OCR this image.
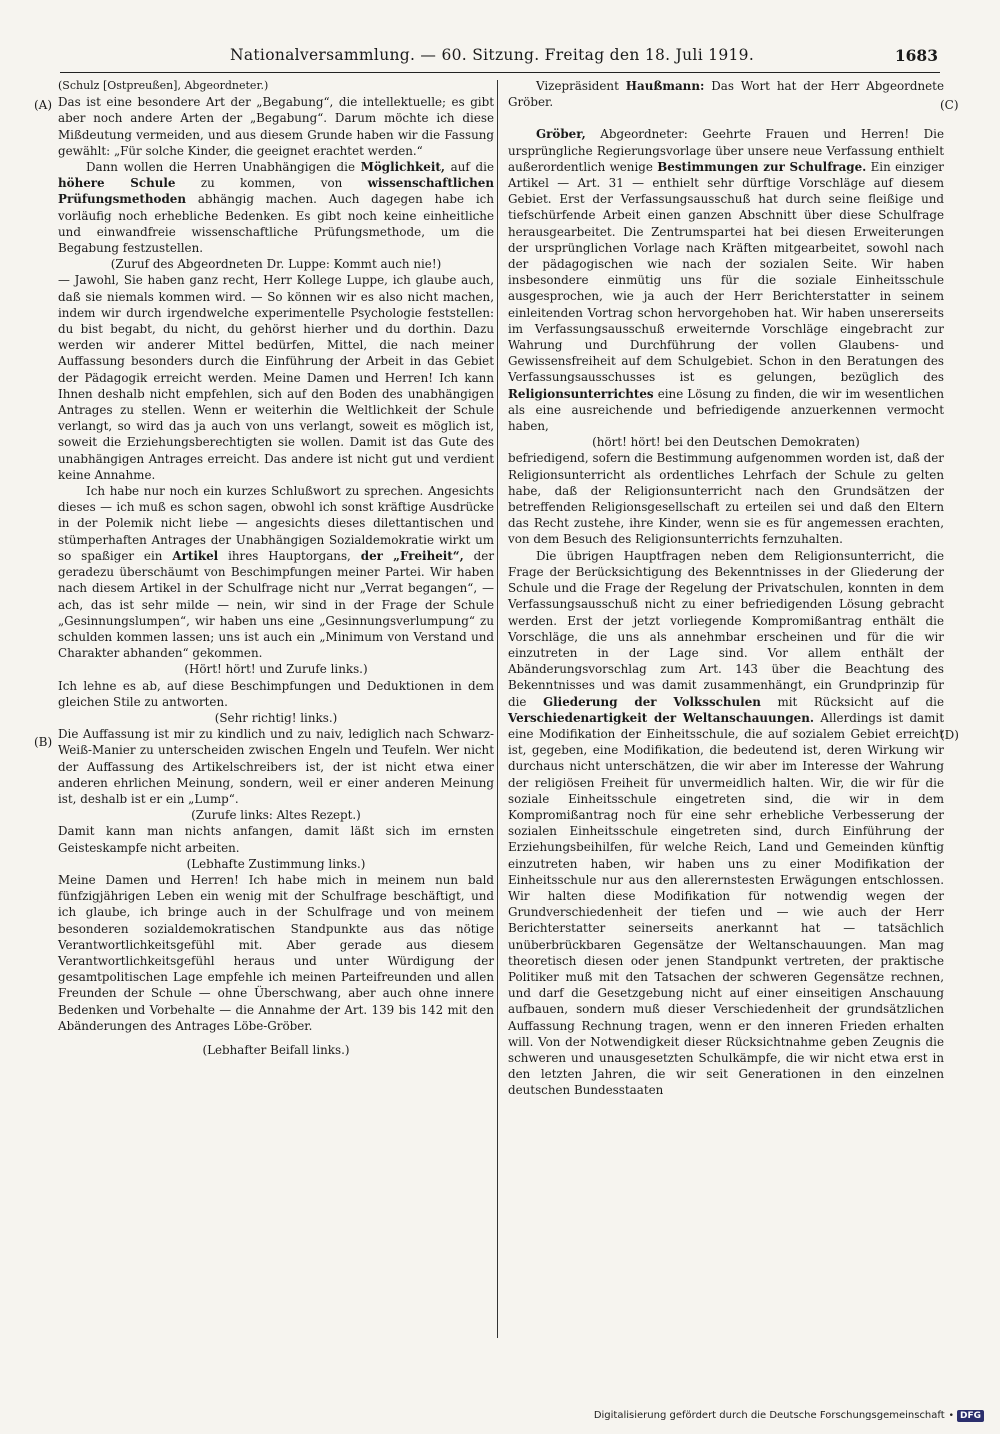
Nationalversammlung. — 60. Sitzung. Freitag den 18. Juli 1919.	1683
(A)
(B)
(C)
(D)

(Schulz [Ostpreußen], Abgeordneter.)

Das ist eine besondere Art der „Begabung“, die intellektuelle; es gibt aber noch andere Arten der „Begabung“. Darum möchte ich diese Mißdeutung vermeiden, und aus diesem Grunde haben wir die Fassung gewählt: „Für solche Kinder, die geeignet erachtet werden.“

Dann wollen die Herren Unabhängigen die Möglichkeit, auf die höhere Schule zu kommen, von wissenschaftlichen Prüfungsmethoden abhängig machen. Auch dagegen habe ich vorläufig noch erhebliche Bedenken. Es gibt noch keine einheitliche und einwandfreie wissenschaftliche Prüfungsmethode, um die Begabung festzustellen.

(Zuruf des Abgeordneten Dr. Luppe: Kommt auch nie!)

— Jawohl, Sie haben ganz recht, Herr Kollege Luppe, ich glaube auch, daß sie niemals kommen wird. — So können wir es also nicht machen, indem wir durch irgendwelche experimentelle Psychologie feststellen: du bist begabt, du nicht, du gehörst hierher und du dorthin. Dazu werden wir anderer Mittel bedürfen, Mittel, die nach meiner Auffassung besonders durch die Einführung der Arbeit in das Gebiet der Pädagogik erreicht werden. Meine Damen und Herren! Ich kann Ihnen deshalb nicht empfehlen, sich auf den Boden des unabhängigen Antrages zu stellen. Wenn er weiterhin die Weltlichkeit der Schule verlangt, so wird das ja auch von uns verlangt, soweit es möglich ist, soweit die Erziehungsberechtigten sie wollen. Damit ist das Gute des unabhängigen Antrages erreicht. Das andere ist nicht gut und verdient keine Annahme.

Ich habe nur noch ein kurzes Schlußwort zu sprechen. Angesichts dieses — ich muß es schon sagen, obwohl ich sonst kräftige Ausdrücke in der Polemik nicht liebe — angesichts dieses dilettantischen und stümperhaften Antrages der Unabhängigen Sozialdemokratie wirkt um so spaßiger ein Artikel ihres Hauptorgans, der „Freiheit“, der geradezu überschäumt von Beschimpfungen meiner Partei. Wir haben nach diesem Artikel in der Schulfrage nicht nur „Verrat begangen“, — ach, das ist sehr milde — nein, wir sind in der Frage der Schule „Gesinnungslumpen“, wir haben uns eine „Gesinnungsverlumpung“ zu schulden kommen lassen; uns ist auch ein „Minimum von Verstand und Charakter abhanden“ gekommen.

(Hört! hört! und Zurufe links.)

Ich lehne es ab, auf diese Beschimpfungen und Deduktionen in dem gleichen Stile zu antworten.

(Sehr richtig! links.)

Die Auffassung ist mir zu kindlich und zu naiv, lediglich nach Schwarz-Weiß-Manier zu unterscheiden zwischen Engeln und Teufeln. Wer nicht der Auffassung des Artikelschreibers ist, der ist nicht etwa einer anderen ehrlichen Meinung, sondern, weil er einer anderen Meinung ist, deshalb ist er ein „Lump“.

(Zurufe links: Altes Rezept.)

Damit kann man nichts anfangen, damit läßt sich im ernsten Geisteskampfe nicht arbeiten.

(Lebhafte Zustimmung links.)

Meine Damen und Herren! Ich habe mich in meinem nun bald fünfzigjährigen Leben ein wenig mit der Schulfrage beschäftigt, und ich glaube, ich bringe auch in der Schulfrage und von meinem besonderen sozialdemokratischen Standpunkte aus das nötige Verantwortlichkeitsgefühl mit. Aber gerade aus diesem Verantwortlichkeitsgefühl heraus und unter Würdigung der gesamtpolitischen Lage empfehle ich meinen Parteifreunden und allen Freunden der Schule — ohne Überschwang, aber auch ohne innere Bedenken und Vorbehalte — die Annahme der Art. 139 bis 142 mit den Abänderungen des Antrages Löbe-Gröber.

(Lebhafter Beifall links.)

Vizepräsident Haußmann: Das Wort hat der Herr Abgeordnete Gröber.

Gröber, Abgeordneter: Geehrte Frauen und Herren! Die ursprüngliche Regierungsvorlage über unsere neue Verfassung enthielt außerordentlich wenige Bestimmungen zur Schulfrage. Ein einziger Artikel — Art. 31 — enthielt sehr dürftige Vorschläge auf diesem Gebiet. Erst der Verfassungsausschuß hat durch seine fleißige und tiefschürfende Arbeit einen ganzen Abschnitt über diese Schulfrage herausgearbeitet. Die Zentrumspartei hat bei diesen Erweiterungen der ursprünglichen Vorlage nach Kräften mitgearbeitet, sowohl nach der pädagogischen wie nach der sozialen Seite. Wir haben insbesondere einmütig uns für die soziale Einheitsschule ausgesprochen, wie ja auch der Herr Berichterstatter in seinem einleitenden Vortrag schon hervorgehoben hat. Wir haben unsererseits im Verfassungsausschuß erweiternde Vorschläge eingebracht zur Wahrung und Durchführung der vollen Glaubens- und Gewissensfreiheit auf dem Schulgebiet. Schon in den Beratungen des Verfassungsausschusses ist es gelungen, bezüglich des Religionsunterrichtes eine Lösung zu finden, die wir im wesentlichen als eine ausreichende und befriedigende anzuerkennen vermocht haben,

(hört! hört! bei den Deutschen Demokraten)

befriedigend, sofern die Bestimmung aufgenommen worden ist, daß der Religionsunterricht als ordentliches Lehrfach der Schule zu gelten habe, daß der Religionsunterricht nach den Grundsätzen der betreffenden Religionsgesellschaft zu erteilen sei und daß den Eltern das Recht zustehe, ihre Kinder, wenn sie es für angemessen erachten, von dem Besuch des Religionsunterrichts fernzuhalten.

Die übrigen Hauptfragen neben dem Religionsunterricht, die Frage der Berücksichtigung des Bekenntnisses in der Gliederung der Schule und die Frage der Regelung der Privatschulen, konnten in dem Verfassungsausschuß nicht zu einer befriedigenden Lösung gebracht werden. Erst der jetzt vorliegende Kompromißantrag enthält die Vorschläge, die uns als annehmbar erscheinen und für die wir einzutreten in der Lage sind. Vor allem enthält der Abänderungsvorschlag zum Art. 143 über die Beachtung des Bekenntnisses und was damit zusammenhängt, ein Grundprinzip für die Gliederung der Volksschulen mit Rücksicht auf die Verschiedenartigkeit der Weltanschauungen. Allerdings ist damit eine Modifikation der Einheitsschule, die auf sozialem Gebiet erreicht ist, gegeben, eine Modifikation, die bedeutend ist, deren Wirkung wir durchaus nicht unterschätzen, die wir aber im Interesse der Wahrung der religiösen Freiheit für unvermeidlich halten. Wir, die wir für die soziale Einheitsschule eingetreten sind, die wir in dem Kompromißantrag noch für eine sehr erhebliche Verbesserung der sozialen Einheitsschule eingetreten sind, durch Einführung der Erziehungsbeihilfen, für welche Reich, Land und Gemeinden künftig einzutreten haben, wir haben uns zu einer Modifikation der Einheitsschule nur aus den allerernstesten Erwägungen entschlossen. Wir halten diese Modifikation für notwendig wegen der Grundverschiedenheit der tiefen und — wie auch der Herr Berichterstatter seinerseits anerkannt hat — tatsächlich unüberbrückbaren Gegensätze der Weltanschauungen. Man mag theoretisch diesen oder jenen Standpunkt vertreten, der praktische Politiker muß mit den Tatsachen der schweren Gegensätze rechnen, und darf die Gesetzgebung nicht auf einer einseitigen Anschauung aufbauen, sondern muß dieser Verschiedenheit der grundsätzlichen Auffassung Rechnung tragen, wenn er den inneren Frieden erhalten will. Von der Notwendigkeit dieser Rücksichtnahme geben Zeugnis die schweren und unausgesetzten Schulkämpfe, die wir nicht etwa erst in den letzten Jahren, die wir seit Generationen in den einzelnen deutschen Bundesstaaten

Digitalisierung gefördert durch die Deutsche Forschungsgemeinschaft • DFG
